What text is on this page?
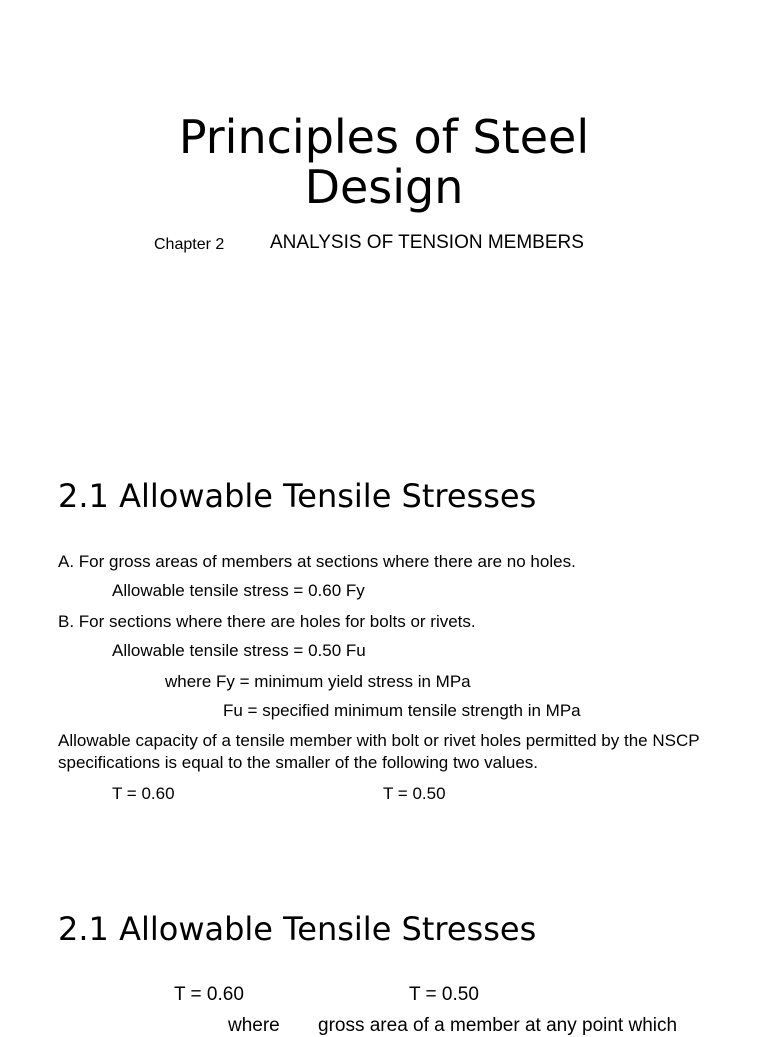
Principles of Steel
Design
Chapter 2 ANALYSIS OF TENSION MEMBERS
2.1 Allowable Tensile Stresses
A. For gross areas of members at sections where there are no holes.
Allowable tensile stress = 0.60 Fy
B. For sections where there are holes for bolts or rivets.
Allowable tensile stress = 0.50 Fu
where Fy = minimum yield stress in MPa
Fu = specified minimum tensile strength in MPa
Allowable capacity of a tensile member with bolt or rivet holes permitted by the NSCP specifications is equal to the smaller of the following two values.
T = 0.60	T = 0.50
2.1 Allowable Tensile Stresses
T = 0.60	T = 0.50
where gross area of a member at any point which
